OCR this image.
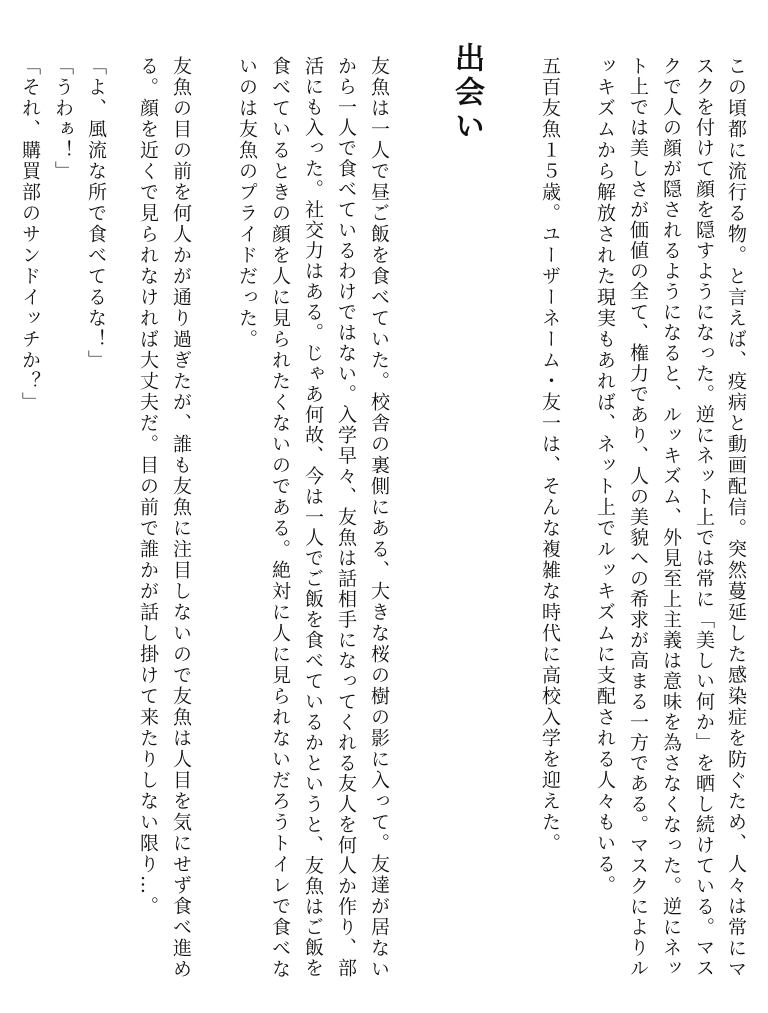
この頃都に流行る物。と言えば、疫病と動画配信。突然蔓延した感染症を防ぐため、人々は常にマ
スクを付けて顔を隠すようになった。逆にネット上では常に「美しい何か」を晒し続けている。マス
クで人の顔が隠されるようになると、ルッキズム、外見至上主義は意味を為さなくなった。逆にネッ
ト上では美しさが価値の全て、権力であり、人の美貌への希求が高まる一方である。マスクによりル
ッキズムから解放された現実もあれば、ネット上でルッキズムに支配される人々もいる。
五百友魚１５歳。ユーザーネーム・友一は、そんな複雑な時代に高校入学を迎えた。
出会い
友魚は一人で昼ご飯を食べていた。校舎の裏側にある、大きな桜の樹の影に入って。友達が居ない
から一人で食べているわけではない。入学早々、友魚は話相手になってくれる友人を何人か作り、部
活にも入った。社交力はある。じゃあ何故、今は一人でご飯を食べているかというと、友魚はご飯を
食べているときの顔を人に見られたくないのである。絶対に人に見られないだろうトイレで食べな
いのは友魚のプライドだった。
友魚の目の前を何人かが通り過ぎたが、誰も友魚に注目しないので友魚は人目を気にせず食べ進め
る。顔を近くで見られなければ大丈夫だ。目の前で誰かが話し掛けて来たりしない限り…。
「よ、風流な所で食べてるな！」
「うわぁ！」
「それ、購買部のサンドイッチか？」
